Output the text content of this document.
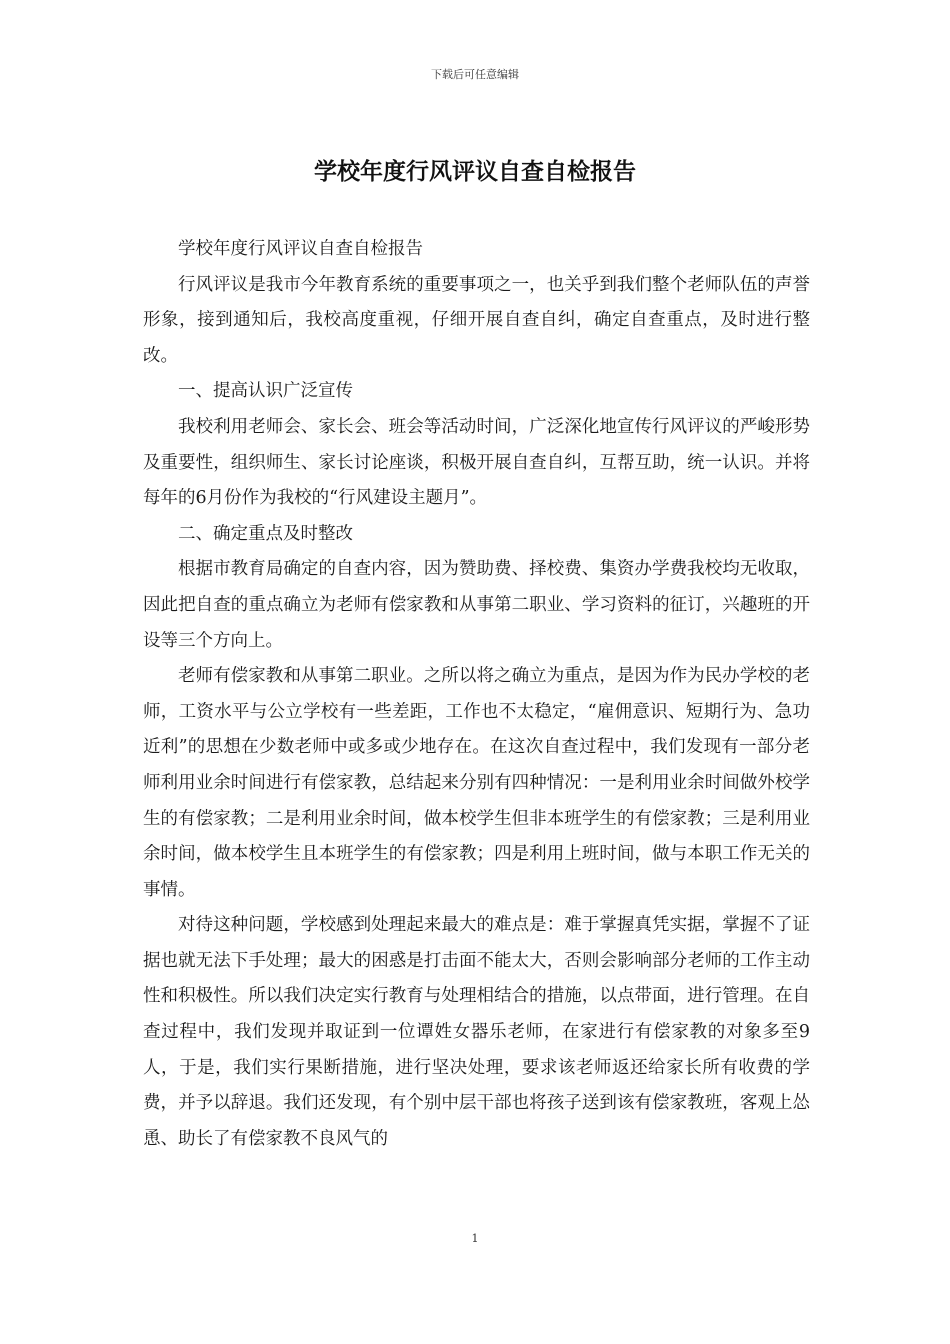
下载后可任意编辑
学校年度行风评议自查自检报告

学校年度行风评议自查自检报告

行风评议是我市今年教育系统的重要事项之一，也关乎到我们整个老师队伍的声誉形象，接到通知后，我校高度重视，仔细开展自查自纠，确定自查重点，及时进行整改。

一、提高认识广泛宣传

我校利用老师会、家长会、班会等活动时间，广泛深化地宣传行风评议的严峻形势及重要性，组织师生、家长讨论座谈，积极开展自查自纠，互帮互助，统一认识。并将每年的6月份作为我校的“行风建设主题月”。

二、确定重点及时整改

根据市教育局确定的自查内容，因为赞助费、择校费、集资办学费我校均无收取，因此把自查的重点确立为老师有偿家教和从事第二职业、学习资料的征订，兴趣班的开设等三个方向上。

老师有偿家教和从事第二职业。之所以将之确立为重点，是因为作为民办学校的老师，工资水平与公立学校有一些差距，工作也不太稳定，“雇佣意识、短期行为、急功近利”的思想在少数老师中或多或少地存在。在这次自查过程中，我们发现有一部分老师利用业余时间进行有偿家教，总结起来分别有四种情况：一是利用业余时间做外校学生的有偿家教；二是利用业余时间，做本校学生但非本班学生的有偿家教；三是利用业余时间，做本校学生且本班学生的有偿家教；四是利用上班时间，做与本职工作无关的事情。

对待这种问题，学校感到处理起来最大的难点是：难于掌握真凭实据，掌握不了证据也就无法下手处理；最大的困惑是打击面不能太大，否则会影响部分老师的工作主动性和积极性。所以我们决定实行教育与处理相结合的措施，以点带面，进行管理。在自查过程中，我们发现并取证到一位谭姓女器乐老师，在家进行有偿家教的对象多至9人，于是，我们实行果断措施，进行坚决处理，要求该老师返还给家长所有收费的学费，并予以辞退。我们还发现，有个别中层干部也将孩子送到该有偿家教班，客观上怂恿、助长了有偿家教不良风气的

1
